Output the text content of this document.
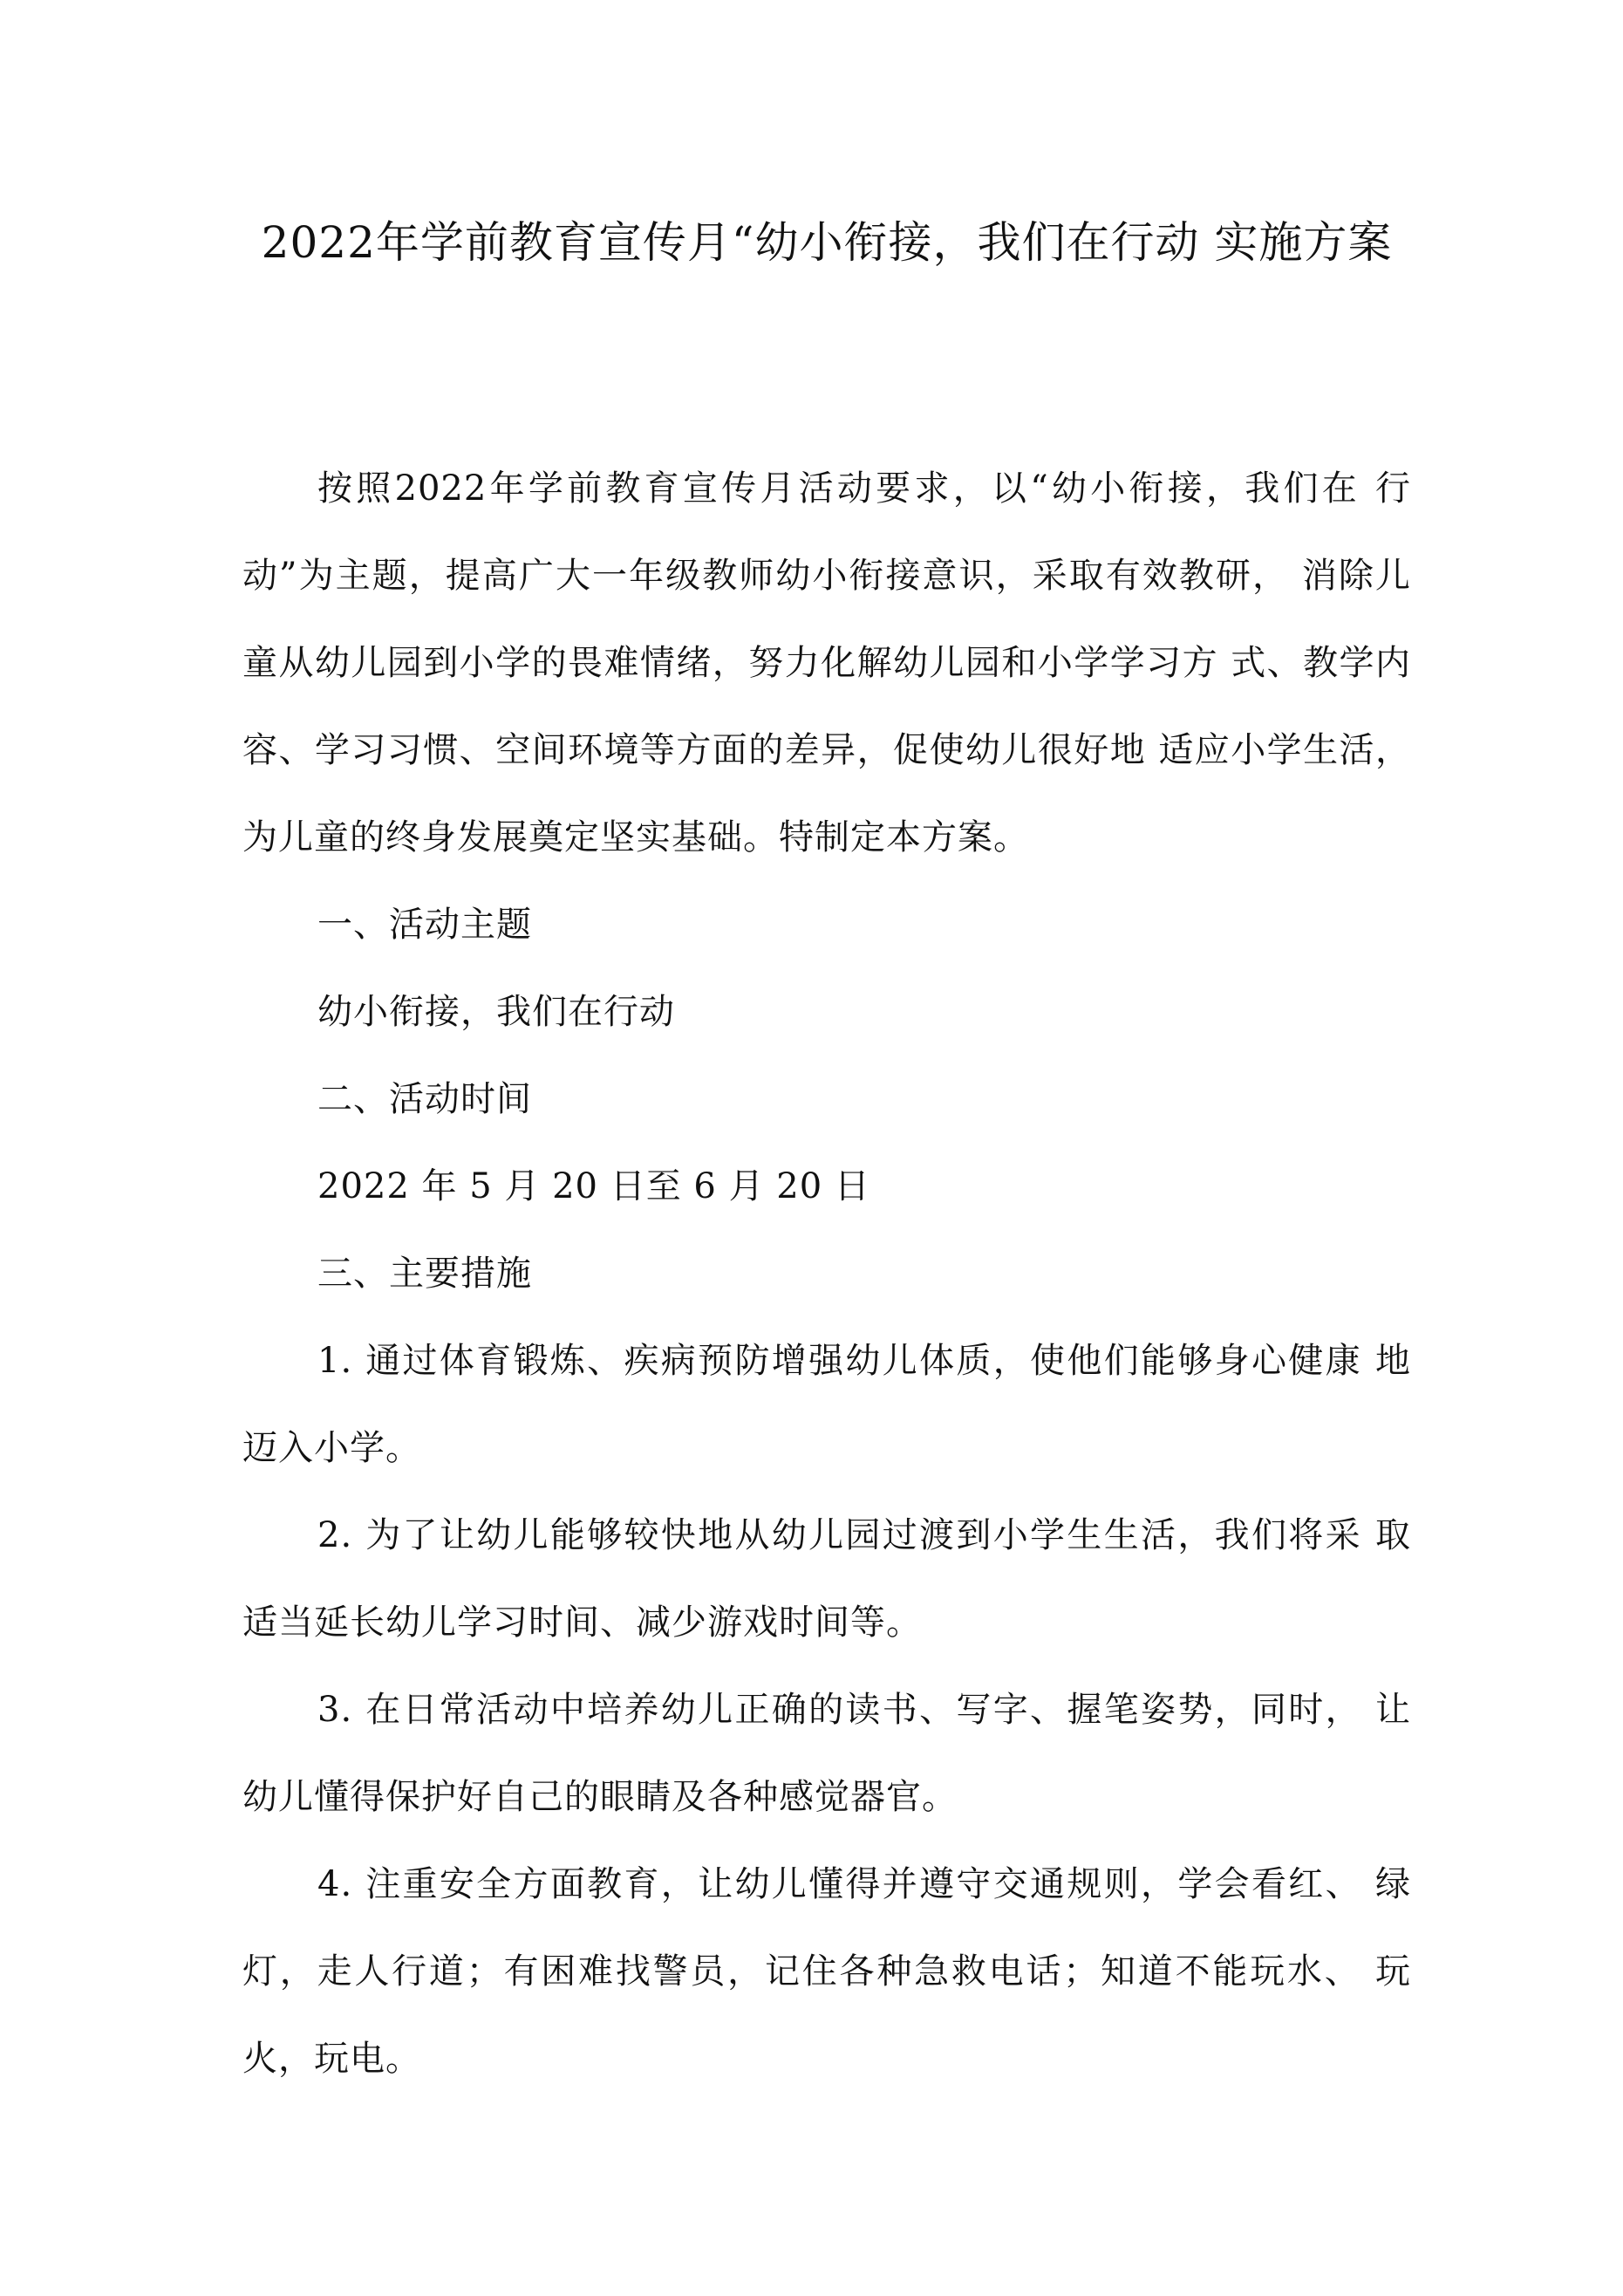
2022年学前教育宣传月“幼小衔接，我们在行动 实施方案

按照2022年学前教育宣传月活动要求，以“幼小衔接，我们在 行动”为主题，提高广大一年级教师幼小衔接意识，采取有效教研， 消除儿童从幼儿园到小学的畏难情绪，努力化解幼儿园和小学学习方 式、教学内容、学习习惯、空间环境等方面的差异，促使幼儿很好地 适应小学生活，为儿童的终身发展奠定坚实基础。特制定本方案。

一、活动主题

幼小衔接，我们在行动

二、活动时间

2022 年 5 月 20 日至 6 月 20 日

三、主要措施

1. 通过体育锻炼、疾病预防增强幼儿体质，使他们能够身心健康 地迈入小学。

2. 为了让幼儿能够较快地从幼儿园过渡到小学生生活，我们将采 取适当延长幼儿学习时间、减少游戏时间等。

3. 在日常活动中培养幼儿正确的读书、写字、握笔姿势，同时， 让幼儿懂得保护好自己的眼睛及各种感觉器官。

4. 注重安全方面教育，让幼儿懂得并遵守交通规则，学会看红、 绿灯，走人行道；有困难找警员，记住各种急救电话；知道不能玩水、 玩火，玩电。
